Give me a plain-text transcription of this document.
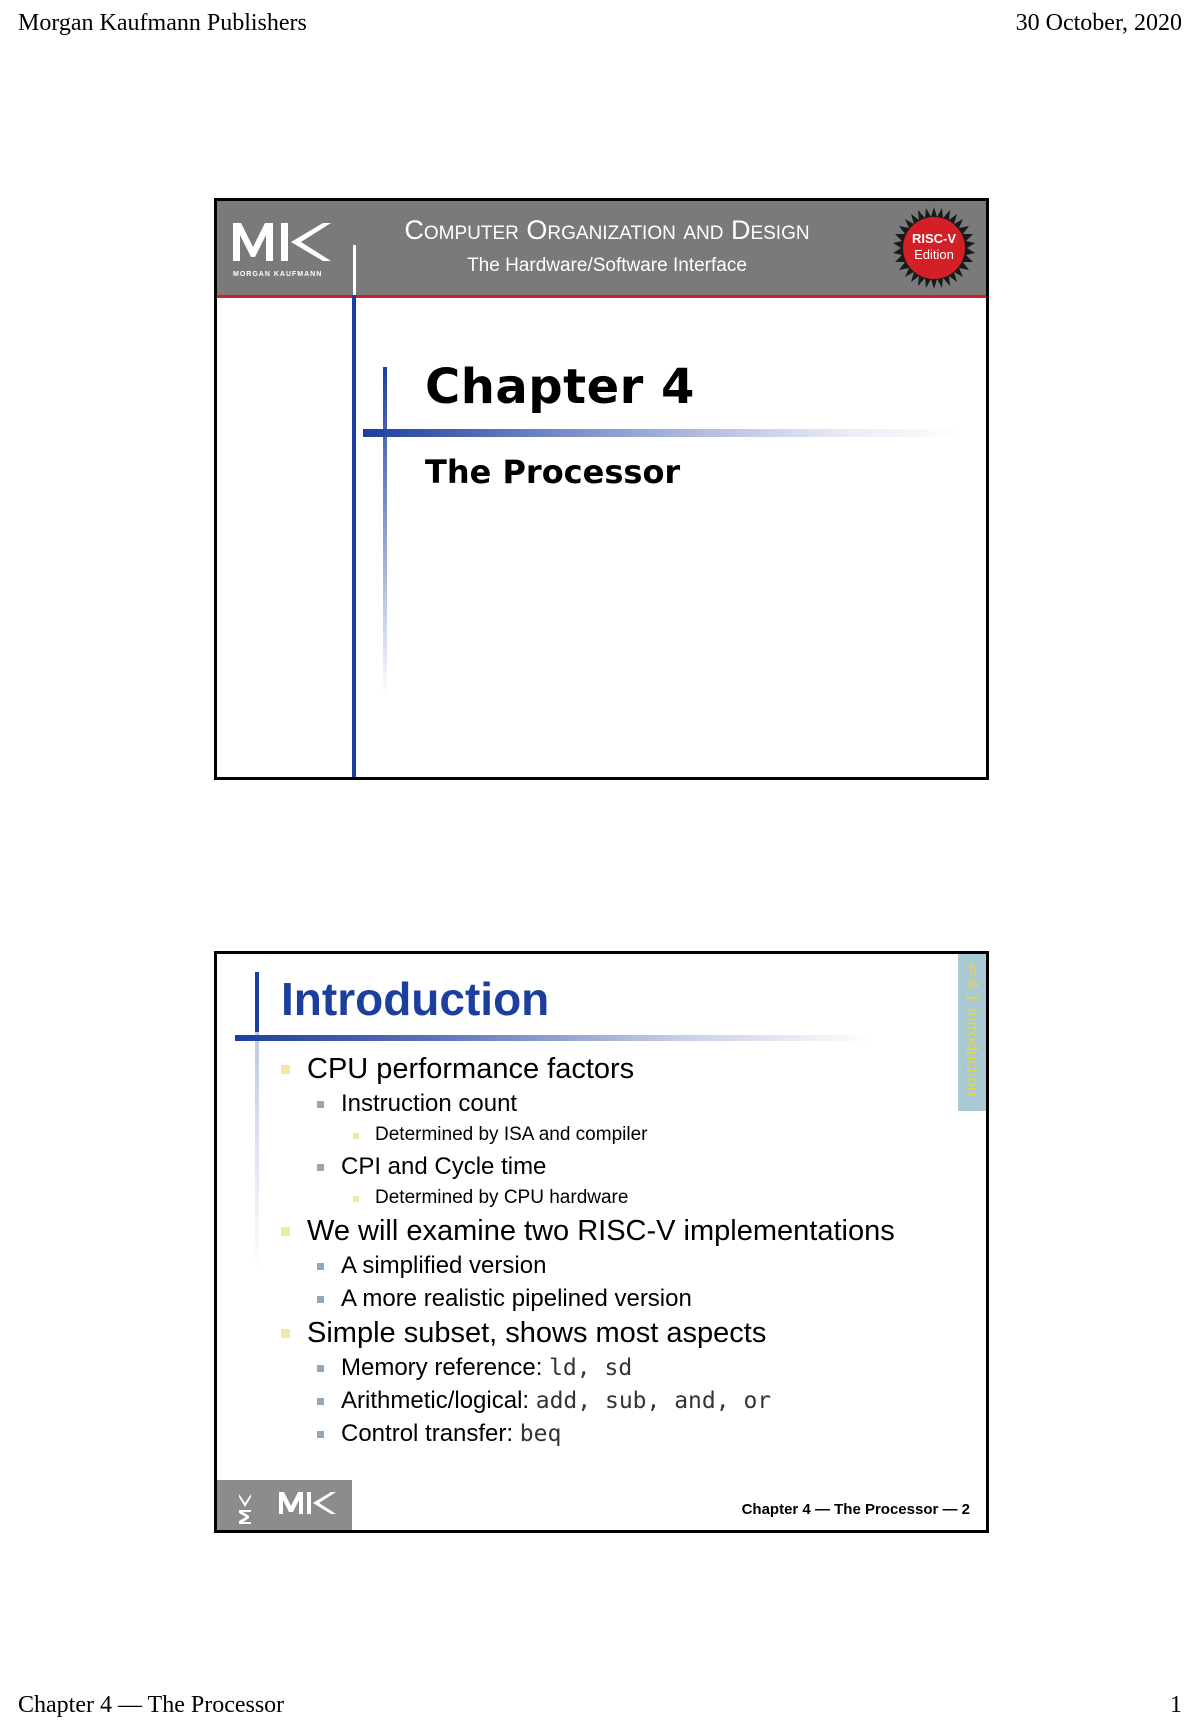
Morgan Kaufmann Publishers	30 October, 2020
MORGAN KAUFMANN
Computer Organization and Design
The Hardware/Software Interface
RISC-V
Edition
Chapter 4
The Processor
Introduction	§4.1 Introduction
CPU performance factors
Instruction count
Determined by ISA and compiler
CPI and Cycle time
Determined by CPU hardware
We will examine two RISC-V implementations
A simplified version
A more realistic pipelined version
Simple subset, shows most aspects
Memory reference: ld, sd
Arithmetic/logical: add, sub, and, or
Control transfer: beq
Chapter 4 — The Processor — 2
Chapter 4 — The Processor	1
